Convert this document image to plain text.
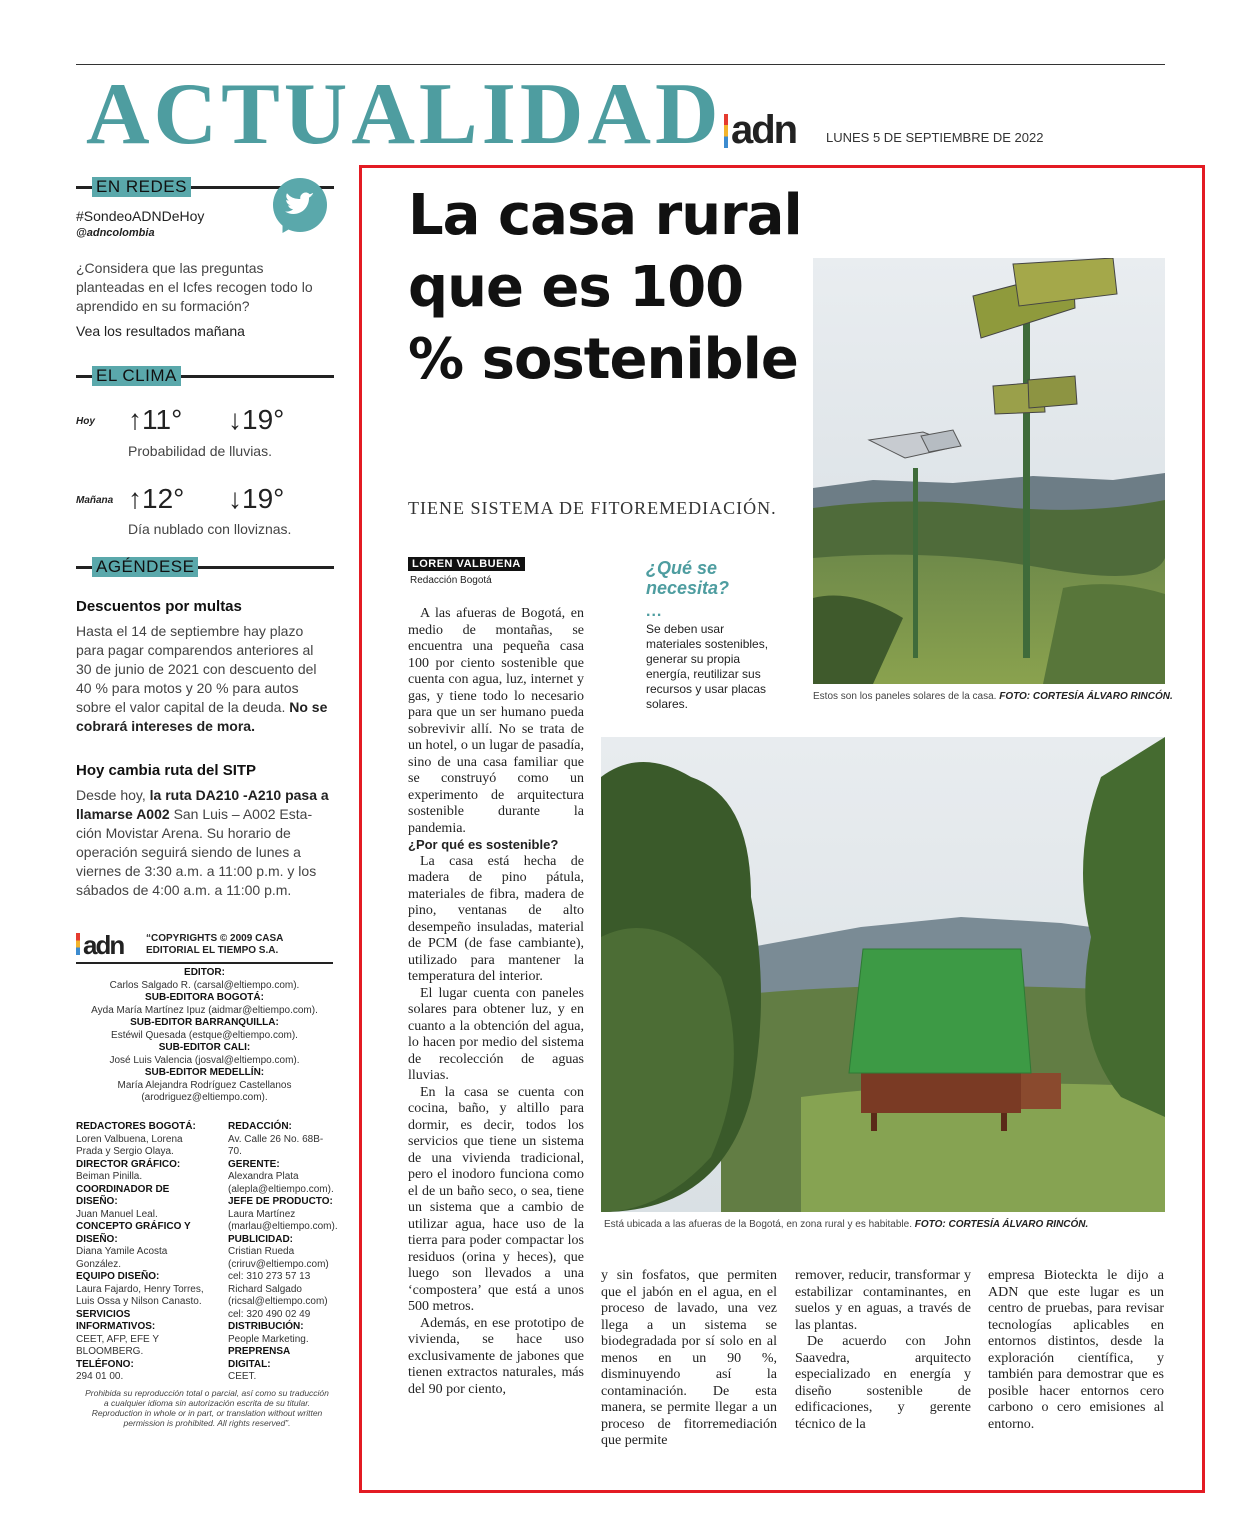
ACTUALIDAD adn LUNES 5 DE SEPTIEMBRE DE 2022
EN REDES
#SondeoADNDeHoy
@adncolombia
¿Considera que las preguntas planteadas en el Icfes recogen todo lo aprendido en su formación?
Vea los resultados mañana
EL CLIMA
Hoy ↑11° ↓19°
Probabilidad de lluvias.
Mañana ↑12° ↓19°
Día nublado con lloviznas.
AGÉNDESE
Descuentos por multas
Hasta el 14 de septiembre hay plazo para pagar comparendos anteriores al 30 de junio de 2021 con descuento del 40 % para motos y 20 % para autos sobre el valor capital de la deuda. No se cobrará intereses de mora.
Hoy cambia ruta del SITP
Desde hoy, la ruta DA210 -A210 pasa a llamarse A002 San Luis – A002 Esta- ción Movistar Arena. Su horario de operación seguirá siendo de lunes a viernes de 3:30 a.m. a 11:00 p.m. y los sábados de 4:00 a.m. a 11:00 p.m.
adn “COPYRIGHTS © 2009 CASA EDITORIAL EL TIEMPO S.A.
EDITOR:
Carlos Salgado R. (carsal@eltiempo.com).
SUB-EDITORA BOGOTÁ:
Ayda María Martínez Ipuz (aidmar@eltiempo.com).
SUB-EDITOR BARRANQUILLA:
Estéwil Quesada (estque@eltiempo.com).
SUB-EDITOR CALI:
José Luis Valencia (josval@eltiempo.com).
SUB-EDITOR MEDELLÍN:
María Alejandra Rodríguez Castellanos (arodriguez@eltiempo.com).
REDACTORES BOGOTÁ:
Loren Valbuena, Lorena Prada y Sergio Olaya.
DIRECTOR GRÁFICO:
Beiman Pinilla.
COORDINADOR DE DISEÑO:
Juan Manuel Leal.
CONCEPTO GRÁFICO Y DISEÑO:
Diana Yamile Acosta González.
EQUIPO DISEÑO:
Laura Fajardo, Henry Torres, Luis Ossa y Nilson Canasto.
SERVICIOS INFORMATIVOS:
CEET, AFP, EFE Y BLOOMBERG.
TELÉFONO:
294 01 00.
REDACCIÓN:
Av. Calle 26 No. 68B-70.
GERENTE:
Alexandra Plata (alepla@eltiempo.com).
JEFE DE PRODUCTO:
Laura Martínez (marlau@eltiempo.com).
PUBLICIDAD:
Cristian Rueda (criruv@eltiempo.com) cel: 310 273 57 13 Richard Salgado (ricsal@eltiempo.com) cel: 320 490 02 49
DISTRIBUCIÓN:
People Marketing.
PREPRENSA DIGITAL:
CEET.
Prohibida su reproducción total o parcial, así como su traducción a cualquier idioma sin autorización escrita de su titular. Reproduction in whole or in part, or translation without written permission is prohibited. All rights reserved”.
La casa rural que es 100 % sostenible
TIENE SISTEMA DE FITOREMEDIACIÓN.
LOREN VALBUENA
Redacción Bogotá

A las afueras de Bogotá, en medio de montañas, se encuentra una pequeña casa 100 por ciento sostenible que cuenta con agua, luz, internet y gas, y tiene todo lo necesario para que un ser humano pueda sobrevivir allí. No se trata de un hotel, o un lugar de pasadía, sino de una casa familiar que se construyó como un experimento de arquitectura sostenible durante la pandemia.

¿Por qué es sostenible?

La casa está hecha de madera de pino pátula, materiales de fibra, madera de pino, ventanas de alto desempeño insuladas, material de PCM (de fase cambiante), utilizado para mantener la temperatura del interior.

El lugar cuenta con paneles solares para obtener luz, y en cuanto a la obtención del agua, lo hacen por medio del sistema de recolección de aguas lluvias.

En la casa se cuenta con cocina, baño, y altillo para dormir, es decir, todos los servicios que tiene un sistema de una vivienda tradicional, pero el inodoro funciona como el de un baño seco, o sea, tiene un sistema que a cambio de utilizar agua, hace uso de la tierra para poder compactar los residuos (orina y heces), que luego son llevados a una ‘compostera’ que está a unos 500 metros.

Además, en ese prototipo de vivienda, se hace uso exclusivamente de jabones que tienen extractos naturales, más del 90 por ciento,

¿Qué se necesita?
...
Se deben usar materiales sostenibles, generar su propia energía, reutilizar sus recursos y usar placas solares.
Estos son los paneles solares de la casa. FOTO: CORTESÍA ÁLVARO RINCÓN.
Está ubicada a las afueras de la Bogotá, en zona rural y es habitable. FOTO: CORTESÍA ÁLVARO RINCÓN.

y sin fosfatos, que permiten que el jabón en el agua, en el proceso de lavado, una vez llega a un sistema se biodegradada por sí solo en al menos en un 90 %, disminuyendo así la contaminación. De esta manera, se permite llegar a un proceso de fitorremediación que permite

remover, reducir, transformar y estabilizar contaminantes, en suelos y en aguas, a través de las plantas.

De acuerdo con John Saavedra, arquitecto especializado en energía y diseño sostenible de edificaciones, y gerente técnico de la

empresa Bioteckta le dijo a ADN que este lugar es un centro de pruebas, para revisar tecnologías aplicables en entornos distintos, desde la exploración científica, y también para demostrar que es posible hacer entornos cero carbono o cero emisiones al entorno.
